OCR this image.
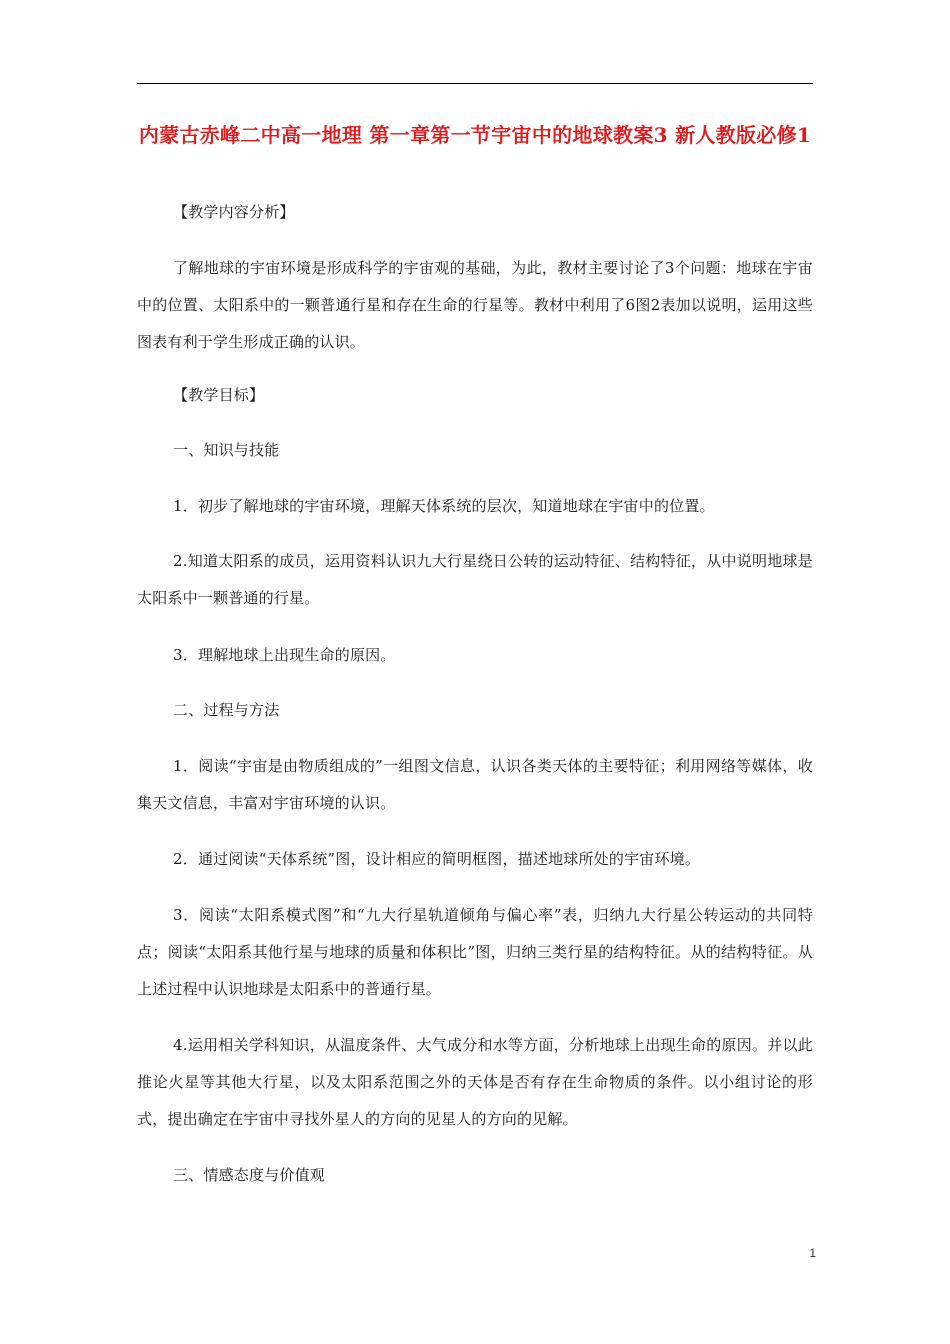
内蒙古赤峰二中高一地理 第一章第一节宇宙中的地球教案3 新人教版必修1

【教学内容分析】

了解地球的宇宙环境是形成科学的宇宙观的基础，为此，教材主要讨论了3个问题：地球在宇宙中的位置、太阳系中的一颗普通行星和存在生命的行星等。教材中利用了6图2表加以说明，运用这些图表有利于学生形成正确的认识。

【教学目标】

一、知识与技能

1．初步了解地球的宇宙环境，理解天体系统的层次，知道地球在宇宙中的位置。

2.知道太阳系的成员，运用资料认识九大行星绕日公转的运动特征、结构特征，从中说明地球是太阳系中一颗普通的行星。

3．理解地球上出现生命的原因。

二、过程与方法

1．阅读“宇宙是由物质组成的”一组图文信息，认识各类天体的主要特征；利用网络等媒体，收集天文信息，丰富对宇宙环境的认识。

2．通过阅读“天体系统”图，设计相应的简明框图，描述地球所处的宇宙环境。

3．阅读“太阳系模式图”和“九大行星轨道倾角与偏心率”表，归纳九大行星公转运动的共同特点；阅读“太阳系其他行星与地球的质量和体积比”图，归纳三类行星的结构特征。从的结构特征。从上述过程中认识地球是太阳系中的普通行星。

4.运用相关学科知识，从温度条件、大气成分和水等方面，分析地球上出现生命的原因。并以此推论火星等其他大行星，以及太阳系范围之外的天体是否有存在生命物质的条件。以小组讨论的形式，提出确定在宇宙中寻找外星人的方向的见星人的方向的见解。

三、情感态度与价值观

1
